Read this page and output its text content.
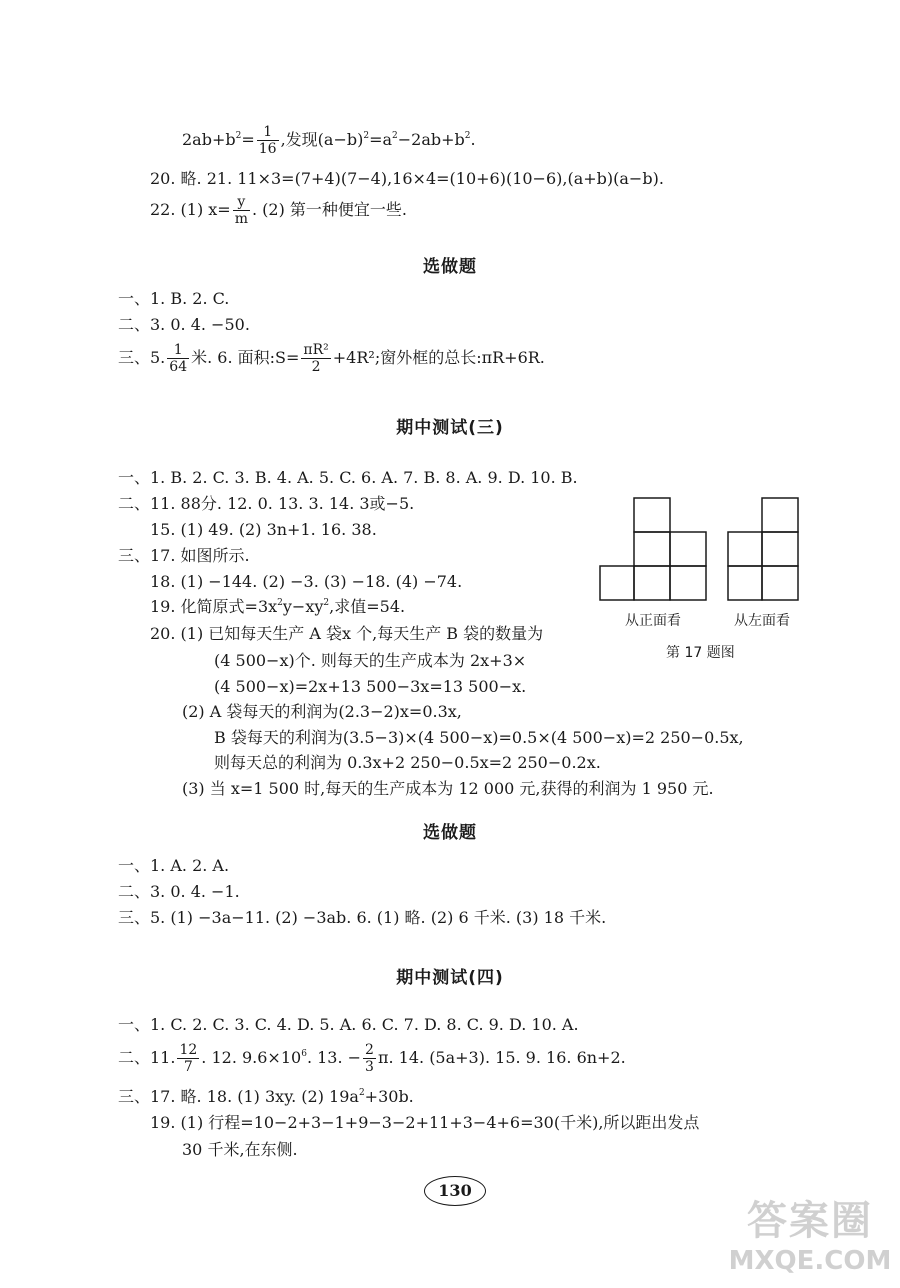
$2ab+b^2= \frac{1}{16}$ ,发现$(a-b)^2=a^2-2ab+b^2$.
20. 略. 21. 11×3=(7+4)(7−4),16×4=(10+6)(10−6),(a+b)(a−b).
22. (1) $x= \frac{y}{m}$ . (2) 第一种便宜一些.
选做题
一、1. B. 2. C.
二、3. 0. 4. −50.
三、5. $\frac{1}{64}$ 米. 6. 面积:S= $\frac{\text{πR²}}{2} +4R^2$;窗外框的总长:πR+6R.
期中测试(三)
一、1. B. 2. C. 3. B. 4. A. 5. C. 6. A. 7. B. 8. A. 9. D. 10. B.
二、11. 88分. 12. 0. 13. 3. 14. 3或−5.
15. (1) 49. (2) 3n+1. 16. 38.
三、17. 如图所示.
18. (1) −144. (2) −3. (3) −18. (4) −74.
19. 化简原式$=3x^2y-xy^2$,求值=54.
20. (1) 已知每天生产 A 袋x 个,每天生产 B 袋的数量为
(4 500−x)个. 则每天的生产成本为 2x+3×
(4 500−x)=2x+13 500−3x=13 500−x.
(2) A 袋每天的利润为(2.3−2)x=0.3x,
B 袋每天的利润为(3.5−3)×(4 500−x)=0.5×(4 500−x)=2 250−0.5x,
则每天总的利润为 0.3x+2 250−0.5x=2 250−0.2x.
(3) 当 x=1 500 时,每天的生产成本为 12 000 元,获得的利润为 1 950 元.
从正面看	从左面看
第 17 题图
选做题
一、1. A. 2. A.
二、3. 0. 4. −1.
三、5. (1) −3a−11. (2) −3ab. 6. (1) 略. (2) 6 千米. (3) 18 千米.
期中测试(四)
一、1. C. 2. C. 3. C. 4. D. 5. A. 6. C. 7. D. 8. C. 9. D. 10. A.
二、11. $\frac{12}{7}$ . 12. $9.6\times 10^6$. 13. − $\frac{2}{3} \pi$. 14. (5a+3). 15. 9. 16. 6n+2.
三、17. 略. 18. (1) 3xy. (2) $19a^2+30b$.
19. (1) 行程=10−2+3−1+9−3−2+11+3−4+6=30(千米),所以距出发点
30 千米,在东侧.
130
答案圈
MXQE.COM
